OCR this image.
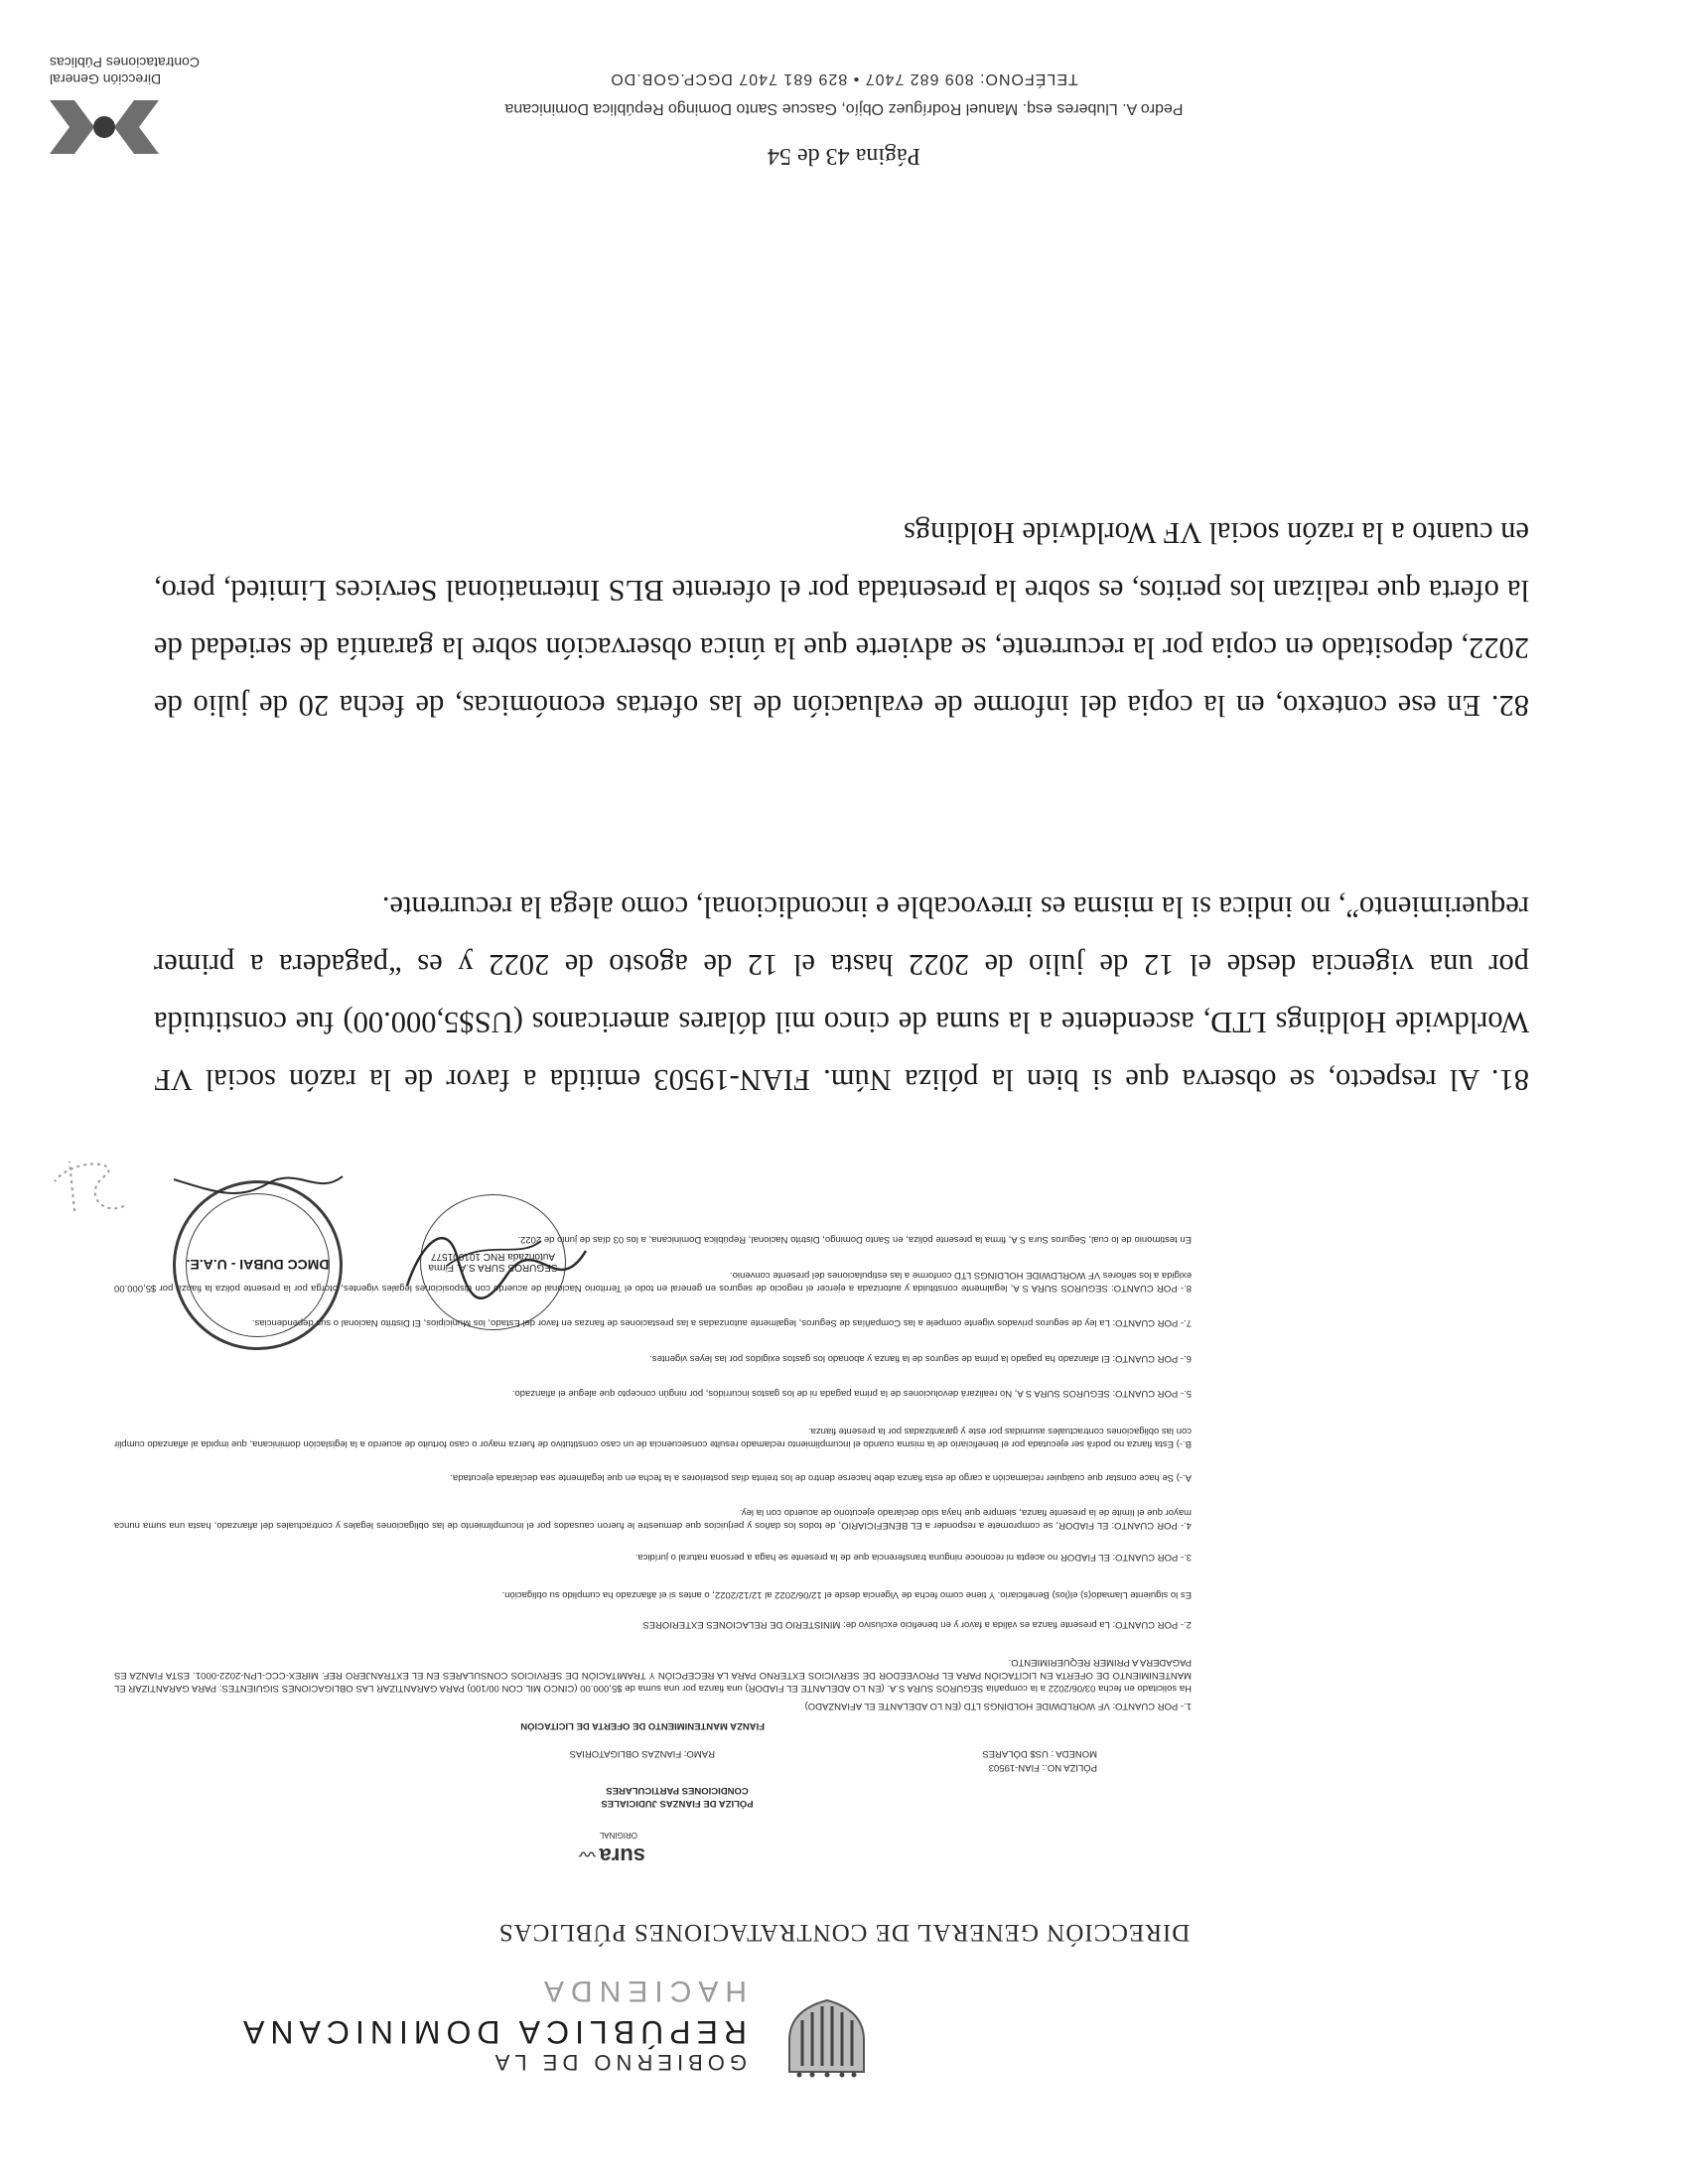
GOBIERNO DE LA
REPÚBLICA DOMINICANA
HACIENDA
DIRECCIÓN GENERAL DE CONTRATACIONES PÚBLICAS
sura〰
ORIGINAL
PÓLIZA DE FIANZAS JUDICIALES
CONDICIONES PARTICULARES
PÓLIZA NO.: FIAN-19503
MONEDA : US$ DÓLARES
RAMO: FIANZAS OBLIGATORIAS
FIANZA MANTENIMIENTO DE OFERTA DE LICITACIÓN
1.- POR CUANTO: VF WORLDWIDE HOLDINGS LTD (EN LO ADELANTE EL AFIANZADO)
Ha solicitado en fecha 03/06/2022 a la compañía SEGUROS SURA S.A. (EN LO ADELANTE EL FIADOR) una fianza por una suma de $5,000.00 (CINCO MIL CON 00/100) PARA GARANTIZAR LAS OBLIGACIONES SIGUIENTES: PARA GARANTIZAR EL MANTENIMIENTO DE OFERTA EN LICITACIÓN PARA EL PROVEEDOR DE SERVICIOS EXTERNO PARA LA RECEPCIÓN Y TRAMITACIÓN DE SERVICIOS CONSULARES EN EL EXTRANJERO REF. MIREX-CCC-LPN-2022-0001. ESTA FIANZA ES PAGADERA A PRIMER REQUERIMIENTO.
2.- POR CUANTO: La presente fianza es válida a favor y en beneficio exclusivo de: MINISTERIO DE RELACIONES EXTERIORES
Es lo siguiente Llamado(s) el(los) Beneficiario. Y tiene como fecha de Vigencia desde el 12/06/2022 al 12/12/2022, o antes si el afianzado ha cumplido su obligación.
3.- POR CUANTO: EL FIADOR no acepta ni reconoce ninguna transferencia que de la presente se haga a persona natural o jurídica.
4.- POR CUANTO: EL FIADOR, se compromete a responder a EL BENEFICIARIO, de todos los daños y perjuicios que demuestre le fueron causados por el incumplimiento de las obligaciones legales y contractuales del afianzado, hasta una suma nunca mayor que el límite de la presente fianza, siempre que haya sido declarado ejecutorio de acuerdo con la ley.
A.-) Se hace constar que cualquier reclamación a cargo de esta fianza debe hacerse dentro de los treinta días posteriores a la fecha en que legalmente sea declarada ejecutada.
B.-) Esta fianza no podrá ser ejecutada por el beneficiario de la misma cuando el incumplimiento reclamado resulte consecuencia de un caso constitutivo de fuerza mayor o caso fortuito de acuerdo a la legislación dominicana, que impida al afianzado cumplir con las obligaciones contractuales asumidas por este y garantizadas por la presente fianza.
5.- POR CUANTO: SEGUROS SURA S A, No realizará devoluciones de la prima pagada ni de los gastos incurridos, por ningún concepto que alegue el afianzado.
6.- POR CUANTO: El afianzado ha pagado la prima de seguros de la fianza y abonado los gastos exigidos por las leyes vigentes.
7.- POR CUANTO: La ley de seguros privados vigente compele a las Compañías de Seguros, legalmente autorizadas a las prestaciones de fianzas en favor del Estado, los Municipios, El Distrito Nacional o sus dependencias.
8.- POR CUANTO: SEGUROS SURA S A, legalmente constituida y autorizada a ejercer el negocio de seguros en general en todo el Territorio Nacional de acuerdo con disposiciones legales vigentes, otorga por la presente póliza la fianza por $5,000.00 exigida a los señores VF WORLDWIDE HOLDINGS LTD conforme a las estipulaciones del presente convenio.
En testimonio de lo cual, Seguros Sura S A, firma la presente póliza, en Santo Domingo, Distrito Nacional, República Dominicana, a los 03 días de junio de 2022.
SEGUROS SURA S.A. Firma Autorizada RNC 101001577
DMCC DUBAI - U.A.E.
81. Al respecto, se observa que si bien la póliza Núm. FIAN-19503 emitida a favor de la razón social VF Worldwide Holdings LTD, ascendente a la suma de cinco mil dólares americanos (US$5,000.00) fue constituida por una vigencia desde el 12 de julio de 2022 hasta el 12 de agosto de 2022 y es “pagadera a primer requerimiento”, no indica si la misma es irrevocable e incondicional, como alega la recurrente.
82. En ese contexto, en la copia del informe de evaluación de las ofertas económicas, de fecha 20 de julio de 2022, depositado en copia por la recurrente, se advierte que la única observación sobre la garantía de seriedad de la oferta que realizan los peritos, es sobre la presentada por el oferente BLS International Services Limited, pero, en cuanto a la razón social VF Worldwide Holdings
Página 43 de 54
Dirección General
Contrataciones Públicas
Pedro A. Lluberes esq. Manuel Rodríguez Objío, Gascue Santo Domingo República Dominicana
TELÉFONO: 809 682 7407 • 829 681 7407 DGCP.GOB.DO
